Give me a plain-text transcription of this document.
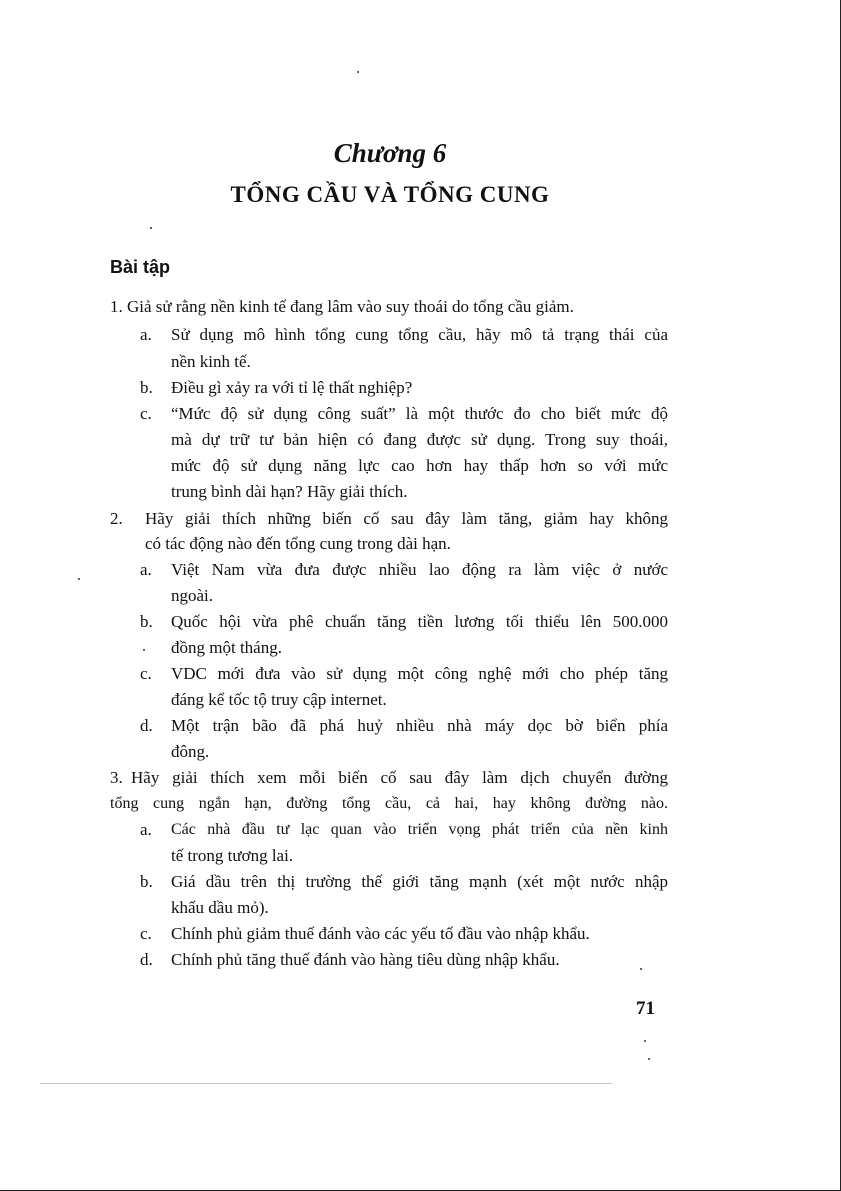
Chương 6
TỔNG CẦU VÀ TỔNG CUNG
Bài tập
1. Giả sử rằng nền kinh tế đang lâm vào suy thoái do tổng cầu giảm.
a. Sử dụng mô hình tổng cung tổng cầu, hãy mô tả trạng thái của
nền kinh tế.
b. Điều gì xảy ra với tỉ lệ thất nghiệp?
c. “Mức độ sử dụng công suất” là một thước đo cho biết mức độ
mà dự trữ tư bản hiện có đang được sử dụng. Trong suy thoái,
mức độ sử dụng năng lực cao hơn hay thấp hơn so với mức
trung bình dài hạn? Hãy giải thích.
2. Hãy giải thích những biến cố sau đây làm tăng, giảm hay không
có tác động nào đến tổng cung trong dài hạn.
a. Việt Nam vừa đưa được nhiều lao động ra làm việc ở nước
ngoài.
b. Quốc hội vừa phê chuẩn tăng tiền lương tối thiểu lên 500.000
đồng một tháng.
c. VDC mới đưa vào sử dụng một công nghệ mới cho phép tăng
đáng kể tốc tộ truy cập internet.
d. Một trận bão đã phá huỷ nhiều nhà máy dọc bờ biển phía
đông.
3. Hãy giải thích xem mỗi biến cố sau đây làm dịch chuyển đường
tổng cung ngắn hạn, đường tổng cầu, cả hai, hay không đường nào.
a. Các nhà đầu tư lạc quan vào triển vọng phát triển của nền kinh
tế trong tương lai.
b. Giá dầu trên thị trường thế giới tăng mạnh (xét một nước nhập
khẩu dầu mỏ).
c. Chính phủ giảm thuế đánh vào các yếu tố đầu vào nhập khẩu.
d. Chính phủ tăng thuế đánh vào hàng tiêu dùng nhập khẩu.
71
